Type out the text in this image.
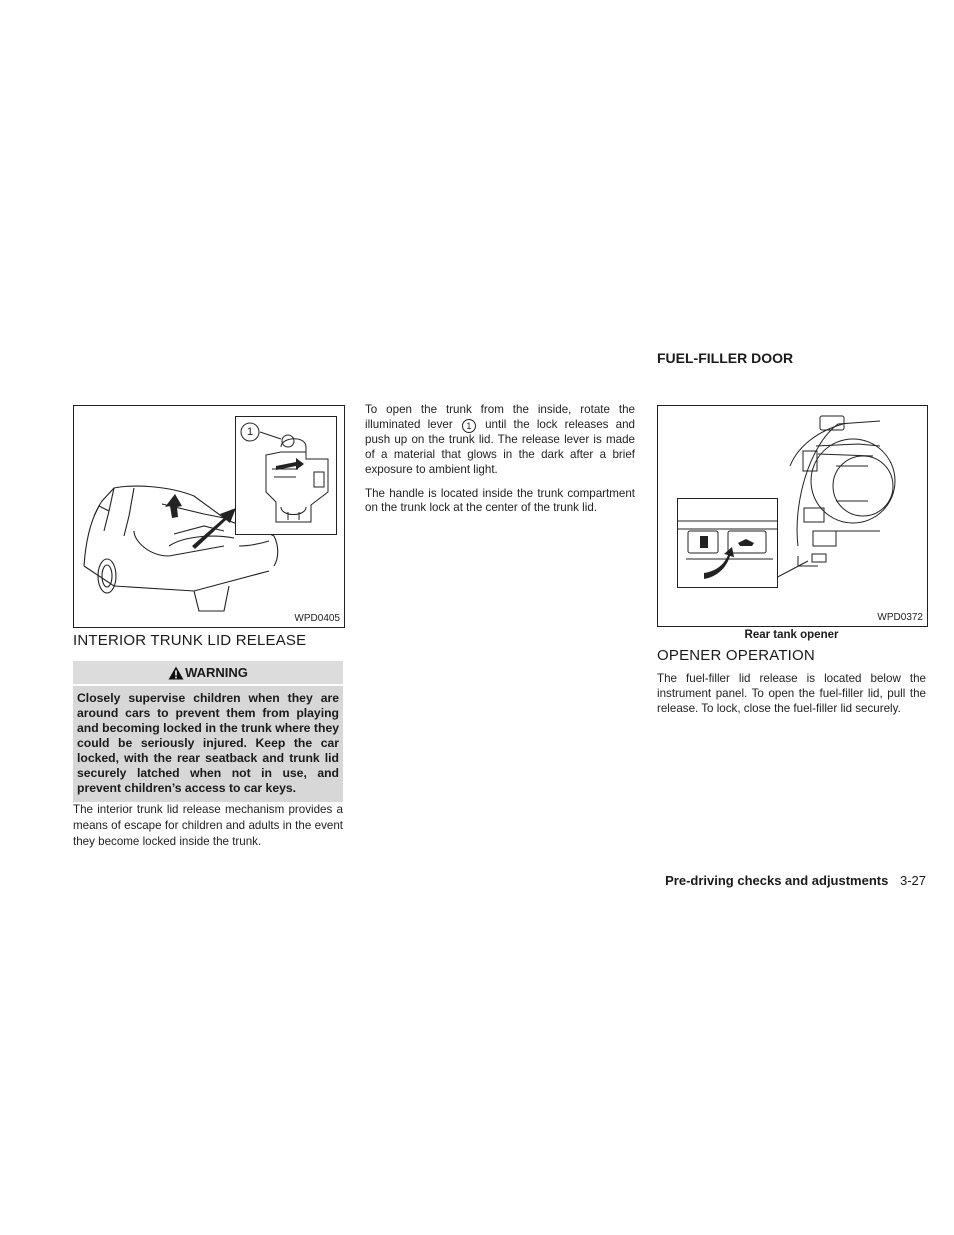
1
WPD0405
INTERIOR TRUNK LID RELEASE
WARNING
Closely supervise children when they are around cars to prevent them from playing and becoming locked in the trunk where they could be seriously injured. Keep the car locked, with the rear seatback and trunk lid securely latched when not in use, and prevent children’s access to car keys.
The interior trunk lid release mechanism provides a means of escape for children and adults in the event they become locked inside the trunk.

To open the trunk from the inside, rotate the illuminated lever 1 until the lock releases and push up on the trunk lid. The release lever is made of a material that glows in the dark after a brief exposure to ambient light.

The handle is located inside the trunk compartment on the trunk lock at the center of the trunk lid.

FUEL-FILLER DOOR
WPD0372
Rear tank opener
OPENER OPERATION
The fuel-filler lid release is located below the instrument panel. To open the fuel-filler lid, pull the release. To lock, close the fuel-filler lid securely.
Pre-driving checks and adjustments 3-27
